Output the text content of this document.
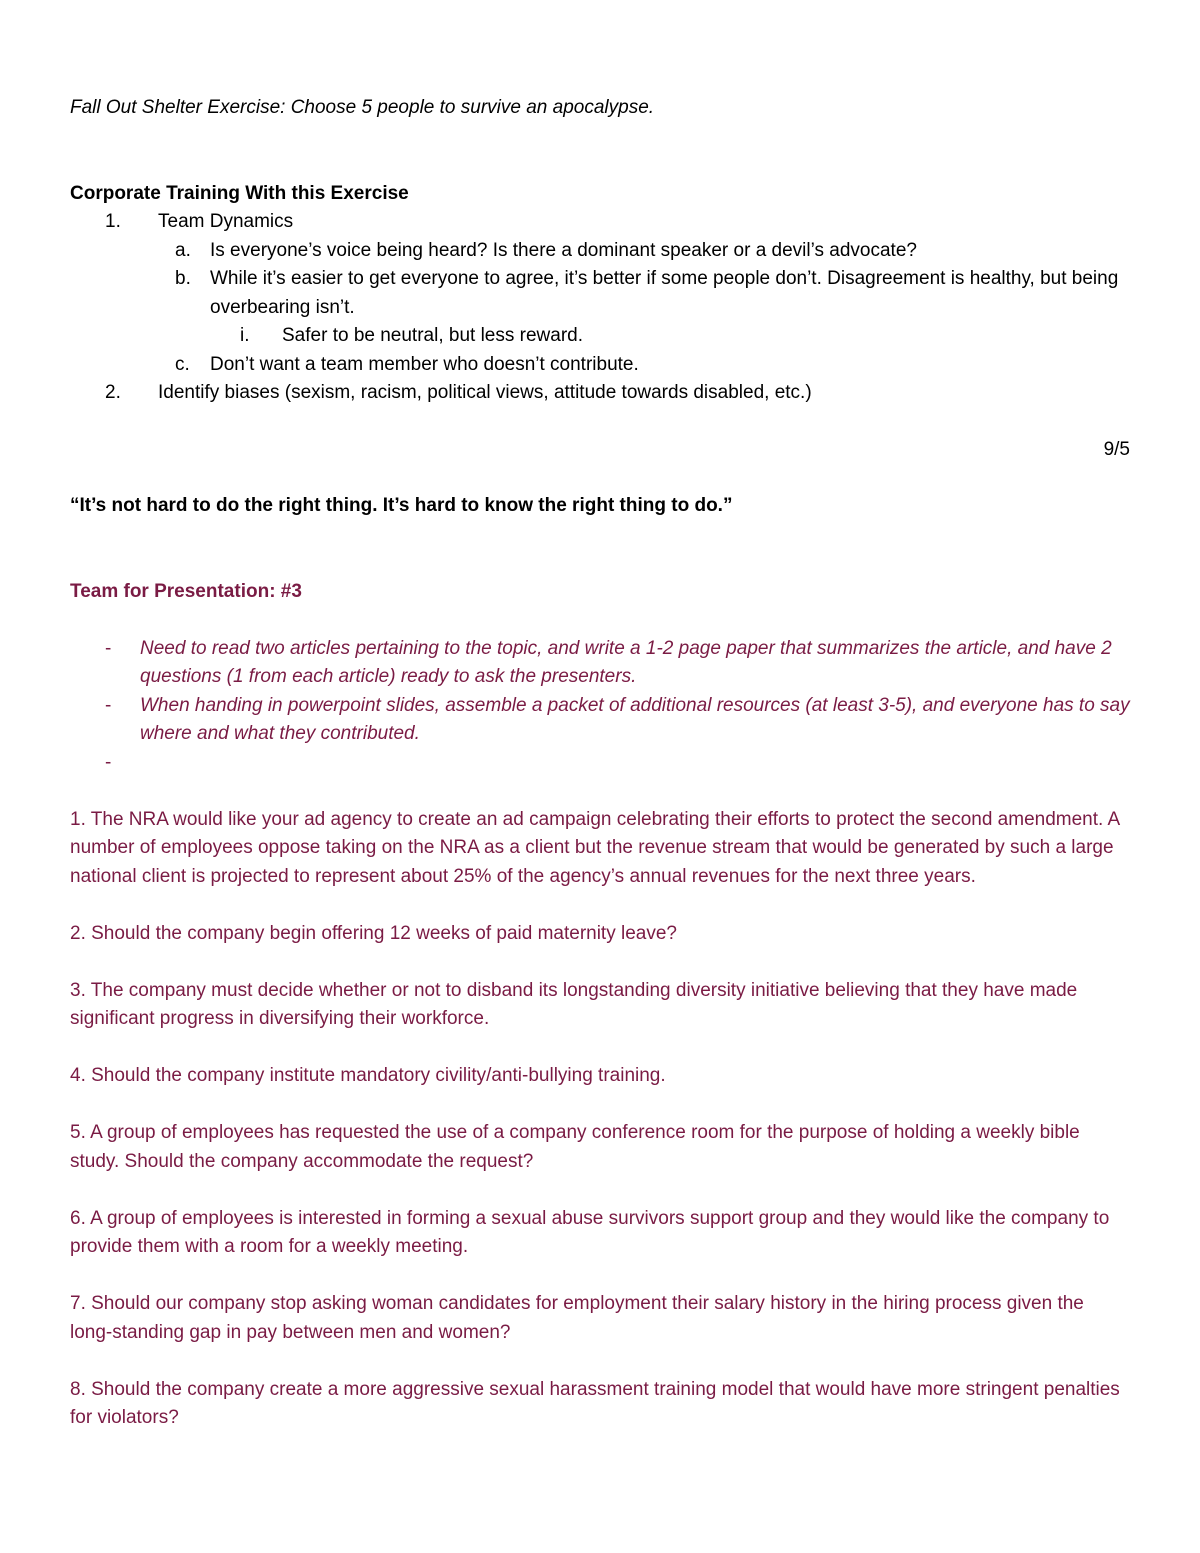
Fall Out Shelter Exercise: Choose 5 people to survive an apocalypse.

Corporate Training With this Exercise

1.	Team Dynamics
a.	Is everyone’s voice being heard? Is there a dominant speaker or a devil’s advocate?
b.	While it’s easier to get everyone to agree, it’s better if some people don’t. Disagreement is healthy, but being overbearing isn’t.
i.	Safer to be neutral, but less reward.
c.	Don’t want a team member who doesn’t contribute.
2.	Identify biases (sexism, racism, political views, attitude towards disabled, etc.)

9/5

“It’s not hard to do the right thing. It’s hard to know the right thing to do.”

Team for Presentation: #3

-	Need to read two articles pertaining to the topic, and write a 1-2 page paper that summarizes the article, and have 2 questions (1 from each article) ready to ask the presenters.
-	When handing in powerpoint slides, assemble a packet of additional resources (at least 3-5), and everyone has to say where and what they contributed.
-

1. The NRA would like your ad agency to create an ad campaign celebrating their efforts to protect the second amendment. A number of employees oppose taking on the NRA as a client but the revenue stream that would be generated by such a large national client is projected to represent about 25% of the agency’s annual revenues for the next three years.

2. Should the company begin offering 12 weeks of paid maternity leave?

3. The company must decide whether or not to disband its longstanding diversity initiative believing that they have made significant progress in diversifying their workforce.

4. Should the company institute mandatory civility/anti-bullying training.

5. A group of employees has requested the use of a company conference room for the purpose of holding a weekly bible study. Should the company accommodate the request?

6. A group of employees is interested in forming a sexual abuse survivors support group and they would like the company to provide them with a room for a weekly meeting.

7. Should our company stop asking woman candidates for employment their salary history in the hiring process given the long-standing gap in pay between men and women?

8. Should the company create a more aggressive sexual harassment training model that would have more stringent penalties for violators?
